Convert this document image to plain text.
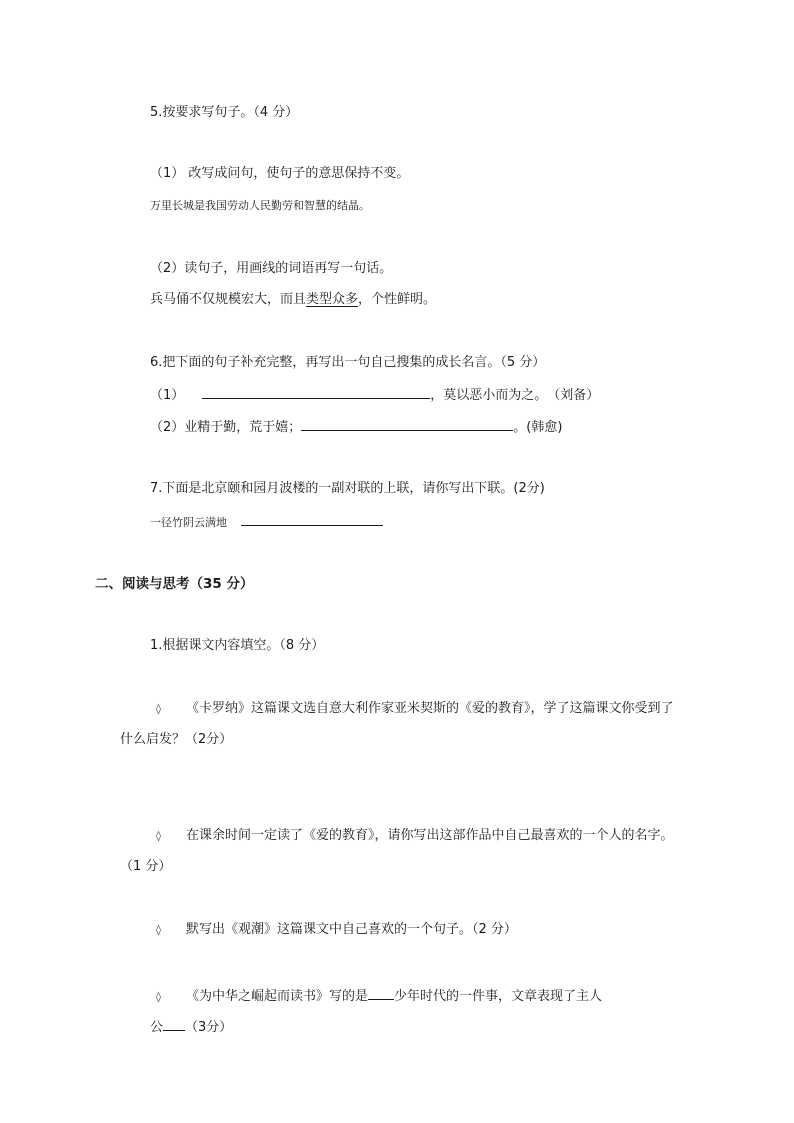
5.按要求写句子。（4 分）
（1） 改写成问句，使句子的意思保持不变。
万里长城是我国劳动人民勤劳和智慧的结晶。
（2）读句子，用画线的词语再写一句话。
兵马俑不仅规模宏大，而且类型众多，个性鲜明。
6.把下面的句子补充完整，再写出一句自己搜集的成长名言。（5 分）
（1）	，莫以恶小而为之。　（刘备）
（2）业精于勤，荒于嬉；	。(韩愈)
7.下面是北京颐和园月波楼的一副对联的上联，请你写出下联。(2分)
一径竹阴云满地
二、阅读与思考（35 分）
1.根据课文内容填空。（8 分）
◊ 《卡罗纳》这篇课文选自意大利作家亚米契斯的《爱的教育》，学了这篇课文你受到了
什么启发？（2分）
◊ 在课余时间一定读了《爱的教育》，请你写出这部作品中自己最喜欢的一个人的名字。
（1 分）
◊ 默写出《观潮》这篇课文中自己喜欢的一个句子。（2 分）
◊ 《为中华之崛起而读书》写的是 少年时代的一件事，文章表现了主人
公 （3分）
